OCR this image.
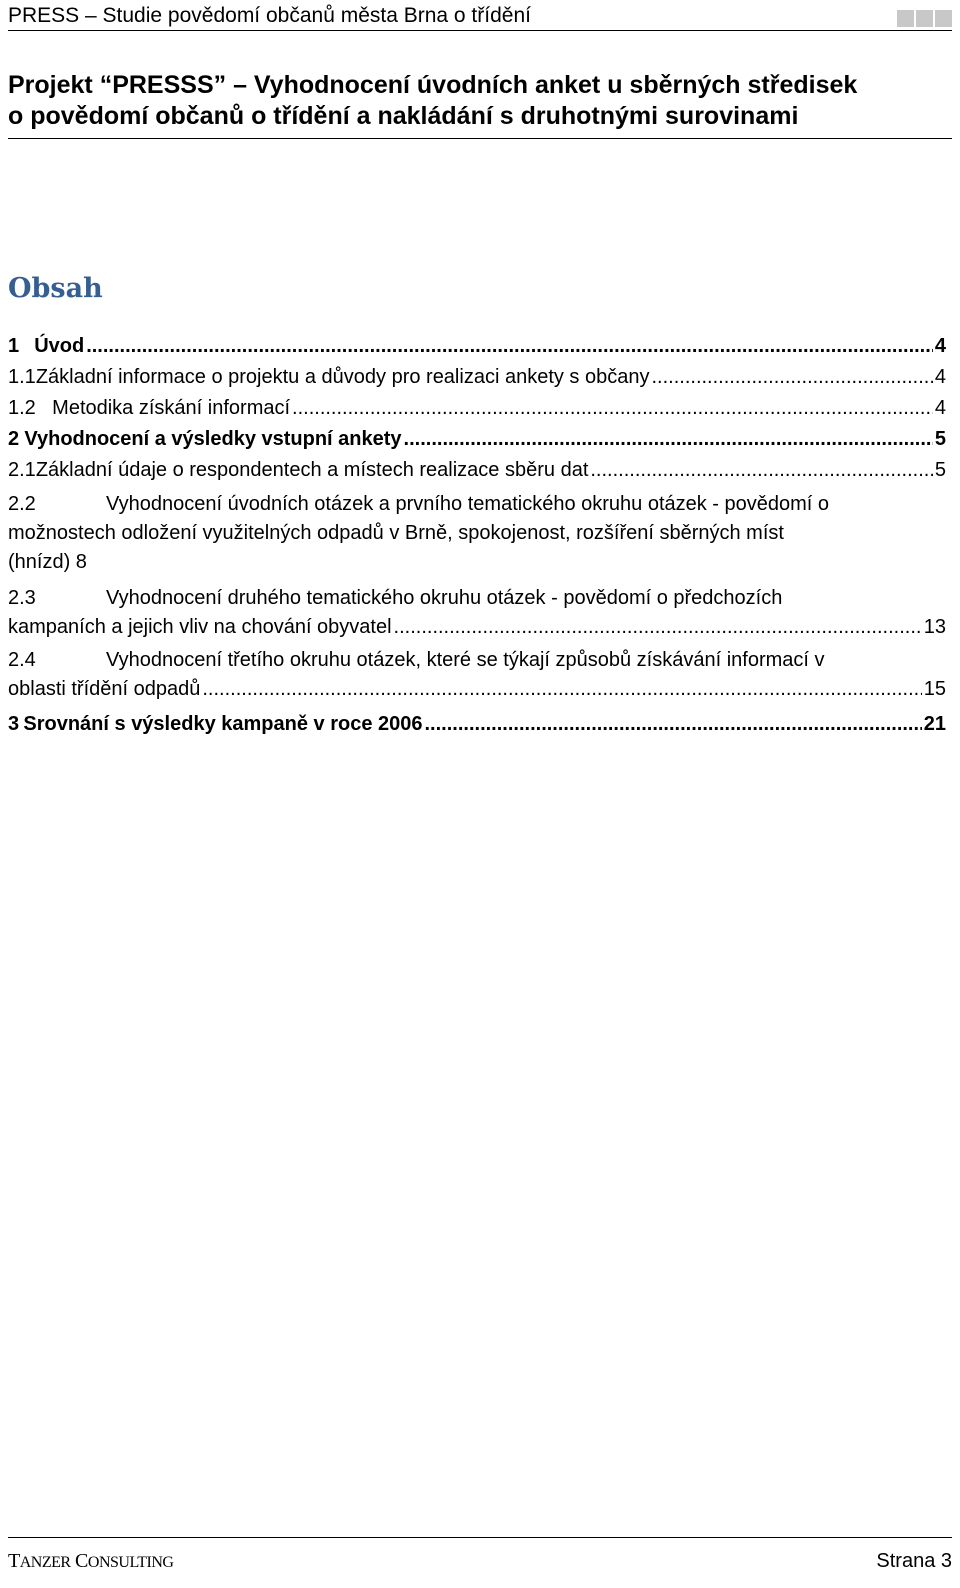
PRESS – Studie povědomí občanů města Brna o třídění
Projekt “PRESSS” – Vyhodnocení úvodních anket u sběrných středisek
o povědomí občanů o třídění a nakládání s druhotnými surovinami
Obsah
1 Úvod .....	4
1.1 Základní informace o projektu a důvody pro realizaci ankety s občany .....	4
1.2 Metodika získání informací .....	4
2 Vyhodnocení a výsledky vstupní ankety .....	5
2.1 Základní údaje o respondentech a místech realizace sběru dat .....	5

2.2	Vyhodnocení úvodních otázek a prvního tematického okruhu otázek - povědomí o

možnostech odložení využitelných odpadů v Brně, spokojenost, rozšíření sběrných míst

(hnízd) 8

2.3	Vyhodnocení druhého tematického okruhu otázek - povědomí o předchozích

kampaních a jejich vliv na chování obyvatel .....	13

2.4	Vyhodnocení třetího okruhu otázek, které se týkají způsobů získávání informací v

oblasti třídění odpadů .....	15
3 Srovnání s výsledky kampaně v roce 2006 .....	21
TANZER CONSULTING	Strana 3
